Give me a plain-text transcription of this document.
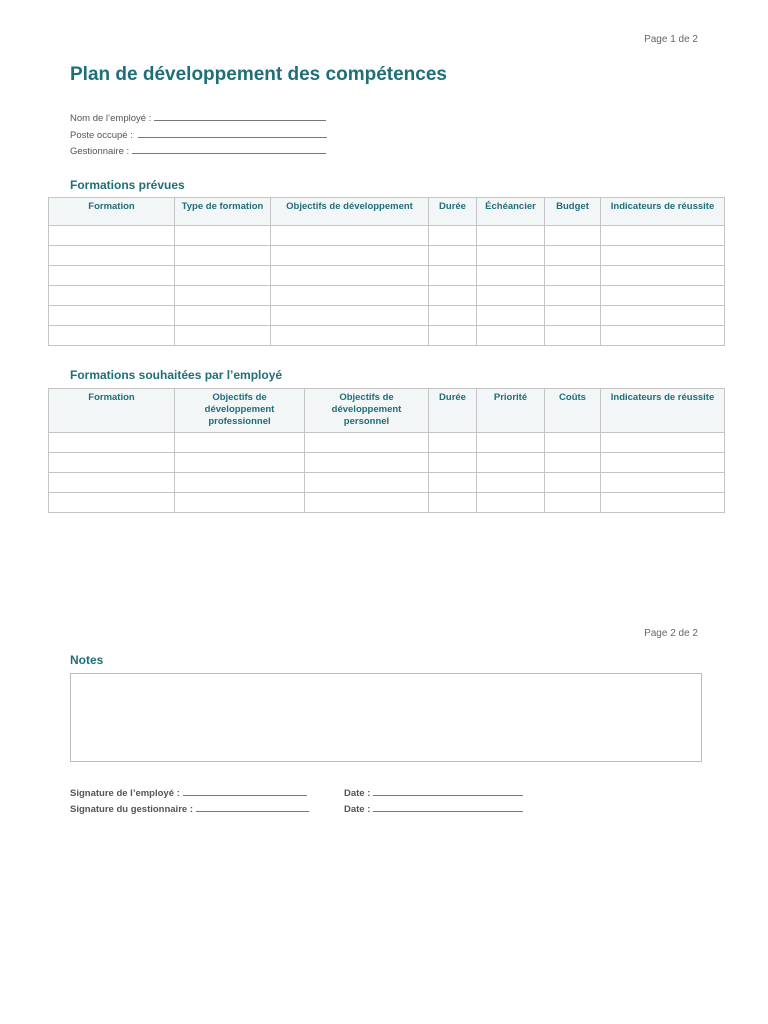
Page 1 de 2
Plan de développement des compétences
Nom de l’employé :
Poste occupé :
Gestionnaire :
Formations prévues
Formation	Type de formation	Objectifs de développement	Durée	Échéancier	Budget	Indicateurs de réussite

Formations souhaitées par l’employé
Formation	Objectifs de développement professionnel	Objectifs de développement personnel	Durée	Priorité	Coûts	Indicateurs de réussite

Page 2 de 2
Notes
Signature de l’employé :
Signature du gestionnaire :
Date :
Date :
